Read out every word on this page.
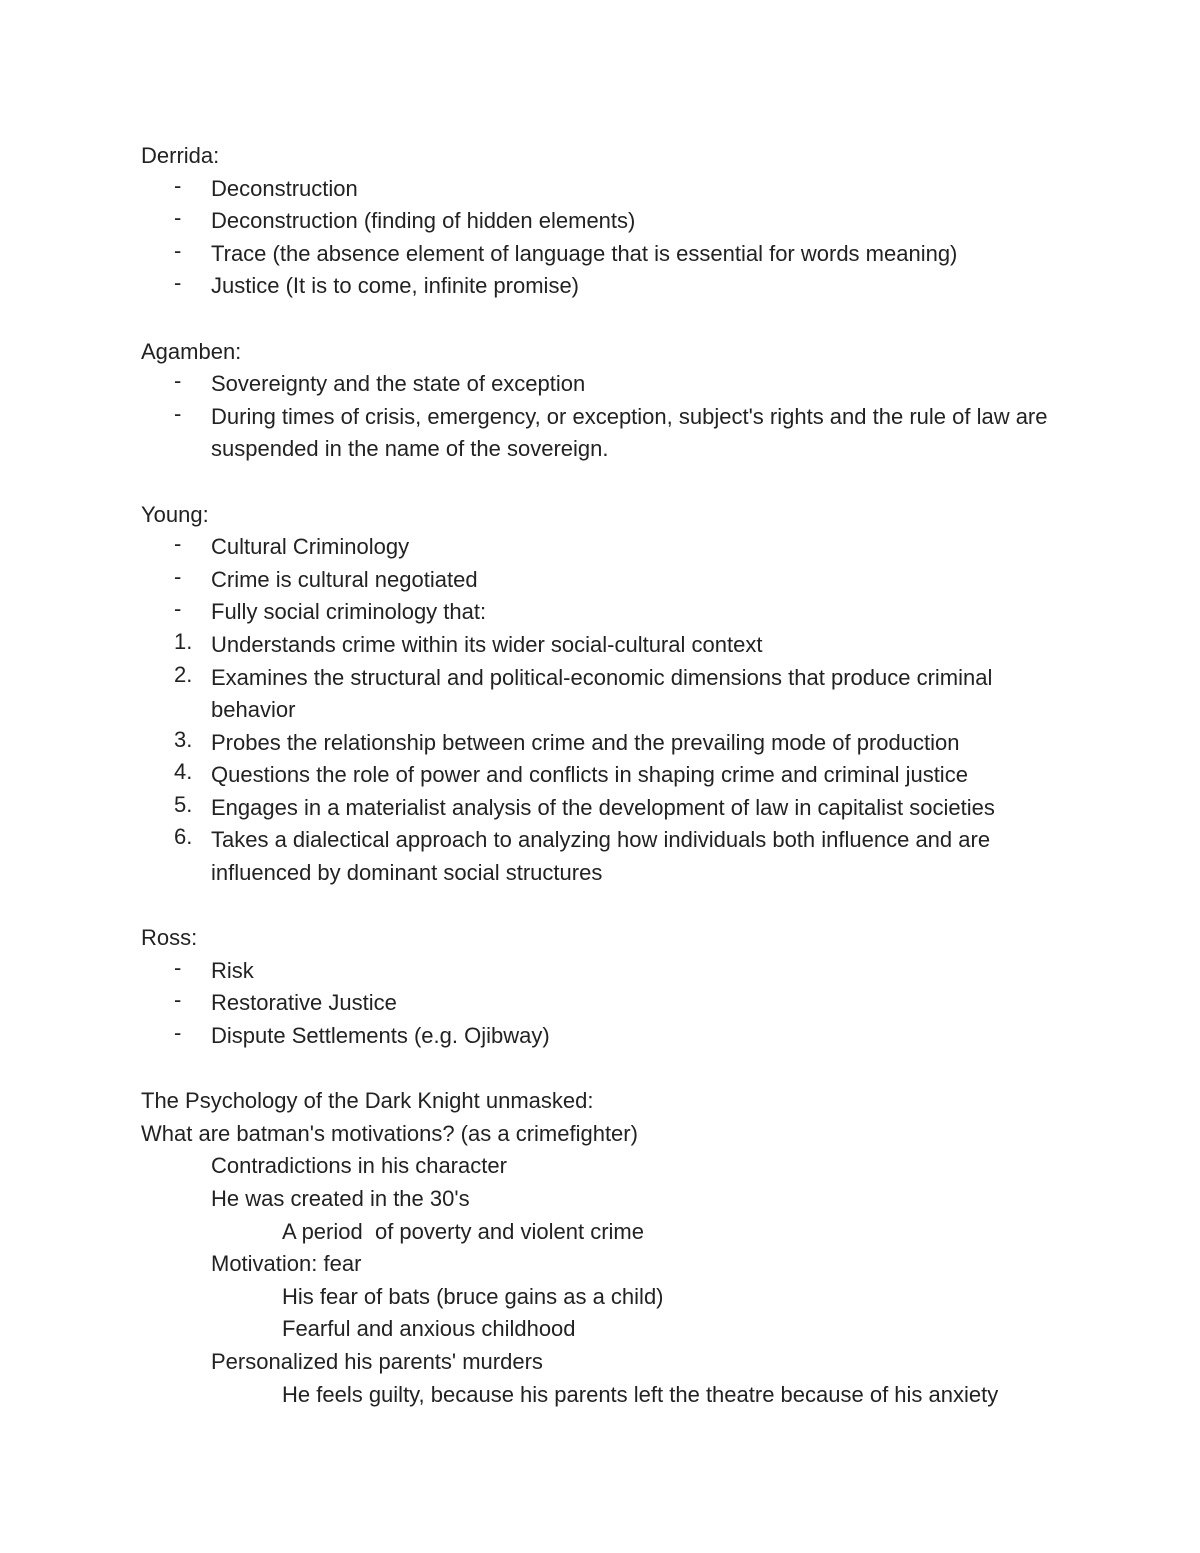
Derrida:
-	Deconstruction
-	Deconstruction (finding of hidden elements)
-	Trace (the absence element of language that is essential for words meaning)
-	Justice (It is to come, infinite promise)
Agamben:
-	Sovereignty and the state of exception
-	During times of crisis, emergency, or exception, subject's rights and the rule of law are suspended in the name of the sovereign.
Young:
-	Cultural Criminology
-	Crime is cultural negotiated
-	Fully social criminology that:
1. Understands crime within its wider social-cultural context
2. Examines the structural and political-economic dimensions that produce criminal behavior
3. Probes the relationship between crime and the prevailing mode of production
4. Questions the role of power and conflicts in shaping crime and criminal justice
5. Engages in a materialist analysis of the development of law in capitalist societies
6. Takes a dialectical approach to analyzing how individuals both influence and are influenced by dominant social structures
Ross:
-	Risk
-	Restorative Justice
-	Dispute Settlements (e.g. Ojibway)
The Psychology of the Dark Knight unmasked:
What are batman's motivations? (as a crimefighter)
Contradictions in his character
He was created in the 30's
A period  of poverty and violent crime
Motivation: fear
His fear of bats (bruce gains as a child)
Fearful and anxious childhood
Personalized his parents' murders
He feels guilty, because his parents left the theatre because of his anxiety
